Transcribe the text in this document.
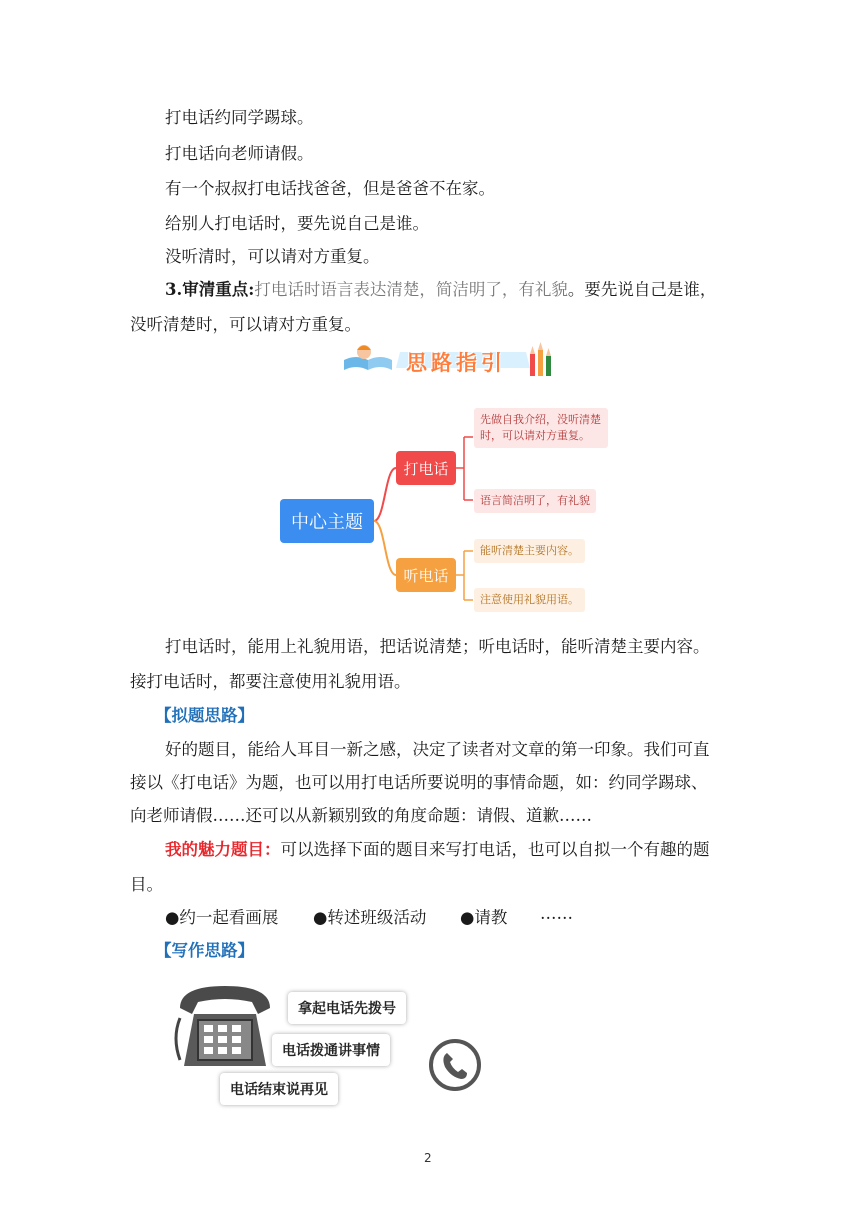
打电话约同学踢球。
打电话向老师请假。
有一个叔叔打电话找爸爸，但是爸爸不在家。
给别人打电话时，要先说自己是谁。
没听清时，可以请对方重复。
3.审清重点:打电话时语言表达清楚，简洁明了，有礼貌。要先说自己是谁，
没听清楚时，可以请对方重复。
思路指引
中心主题
打电话
听电话
先做自我介绍，没听清楚时，可以请对方重复。
语言简洁明了，有礼貌
能听清楚主要内容。
注意使用礼貌用语。
打电话时，能用上礼貌用语，把话说清楚；听电话时，能听清楚主要内容。
接打电话时，都要注意使用礼貌用语。
【拟题思路】
好的题目，能给人耳目一新之感，决定了读者对文章的第一印象。我们可直
接以《打电话》为题，也可以用打电话所要说明的事情命题，如：约同学踢球、
向老师请假……还可以从新颖别致的角度命题：请假、道歉……
我的魅力题目：可以选择下面的题目来写打电话，也可以自拟一个有趣的题
目。
●约一起看画展 ●转述班级活动 ●请教 ……
【写作思路】
拿起电话先拨号
电话拨通讲事情
电话结束说再见
2
